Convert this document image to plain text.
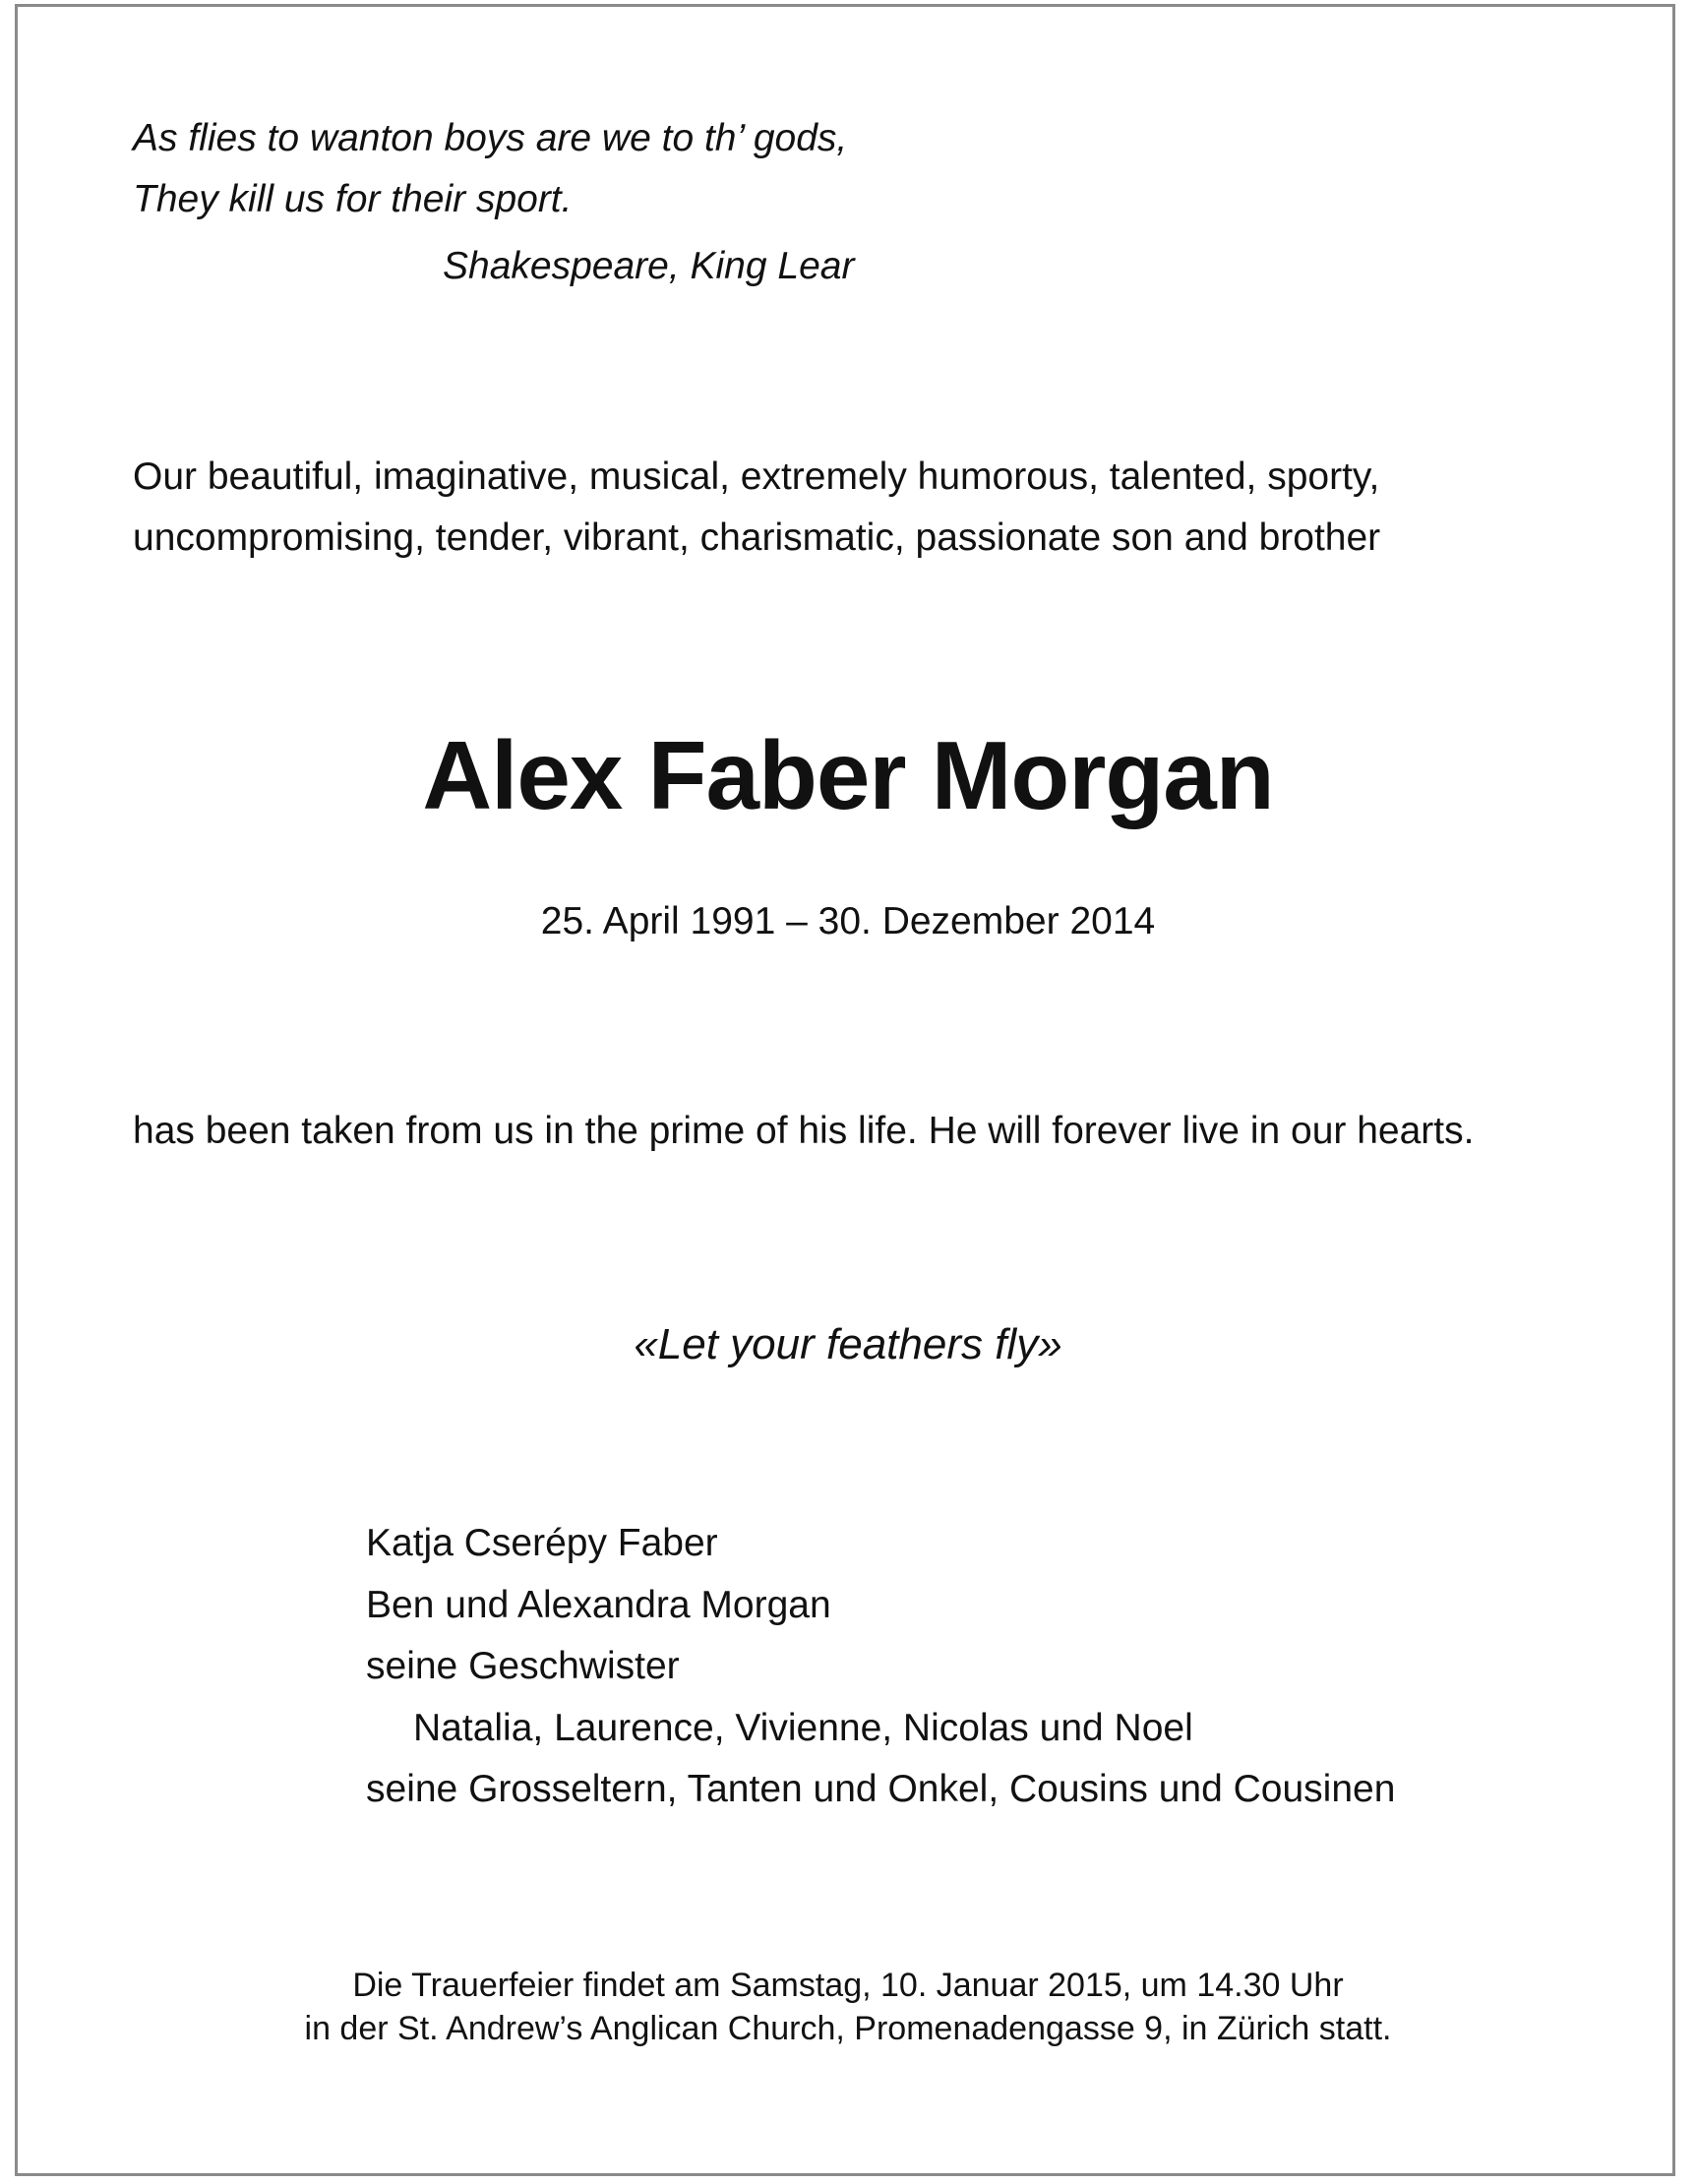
As flies to wanton boys are we to th’ gods,

They kill us for their sport.

Shakespeare, King Lear

Our beautiful, imaginative, musical, extremely humorous, talented, sporty,

uncompromising, tender, vibrant, charismatic, passionate son and brother

Alex Faber Morgan

25. April 1991 – 30. Dezember 2014

has been taken from us in the prime of his life. He will forever live in our hearts.

«Let your feathers fly»

Katja Cserépy Faber

Ben und Alexandra Morgan

seine Geschwister

Natalia, Laurence, Vivienne, Nicolas und Noel

seine Grosseltern, Tanten und Onkel, Cousins und Cousinen

Die Trauerfeier findet am Samstag, 10. Januar 2015, um 14.30 Uhr

in der St. Andrew’s Anglican Church, Promenadengasse 9, in Zürich statt.
